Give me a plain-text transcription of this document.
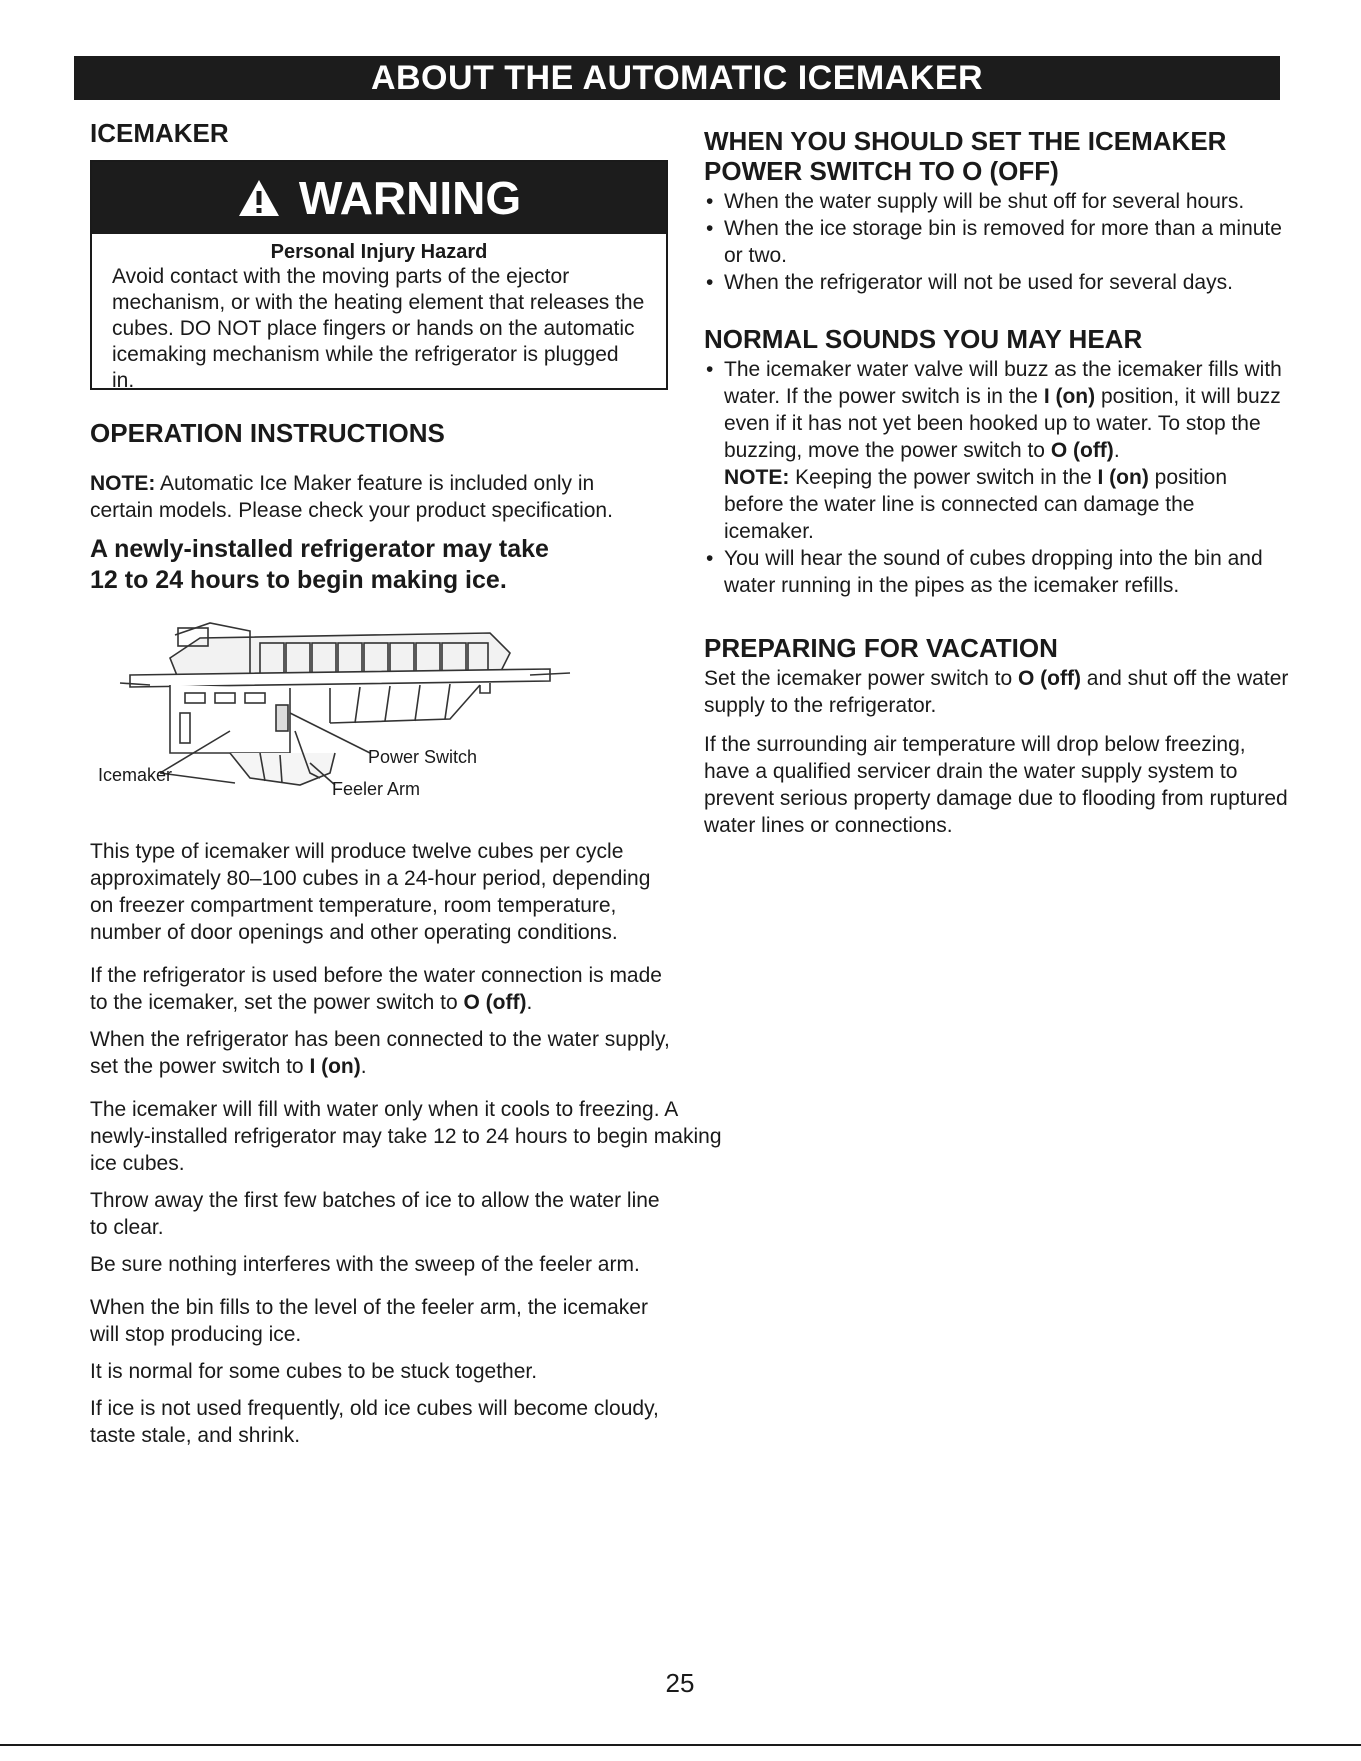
ABOUT THE AUTOMATIC ICEMAKER
ICEMAKER
WARNING
Personal Injury Hazard
Avoid contact with the moving parts of the ejector mechanism, or with the heating element that releases the cubes. DO NOT place fingers or hands on the automatic icemaking mechanism while the refrigerator is plugged in.
OPERATION INSTRUCTIONS

NOTE: Automatic Ice Maker feature is included only in certain models. Please check your product specification.

A newly-installed refrigerator may take
12 to 24 hours to begin making ice.
Icemaker
Power Switch
Feeler Arm

This type of icemaker will produce twelve cubes per cycle approximately 80–100 cubes in a 24-hour period, depending on freezer compartment temperature, room temperature, number of door openings and other operating conditions.

If the refrigerator is used before the water connection is made to the icemaker, set the power switch to O (off).

When the refrigerator has been connected to the water supply, set the power switch to I (on).

The icemaker will fill with water only when it cools to freezing. A newly-installed refrigerator may take 12 to 24 hours to begin making ice cubes.

Throw away the first few batches of ice to allow the water line to clear.

Be sure nothing interferes with the sweep of the feeler arm.

When the bin fills to the level of the feeler arm, the icemaker will stop producing ice.

It is normal for some cubes to be stuck together.

If ice is not used frequently, old ice cubes will become cloudy, taste stale, and shrink.

WHEN YOU SHOULD SET THE ICEMAKER
POWER SWITCH TO O (OFF)
• When the water supply will be shut off for several hours.
• When the ice storage bin is removed for more than a minute or two.
• When the refrigerator will not be used for several days.
NORMAL SOUNDS YOU MAY HEAR
• The icemaker water valve will buzz as the icemaker fills with water. If the power switch is in the I (on) position, it will buzz even if it has not yet been hooked up to water. To stop the buzzing, move the power switch to O (off).
NOTE: Keeping the power switch in the I (on) position before the water line is connected can damage the icemaker.
• You will hear the sound of cubes dropping into the bin and water running in the pipes as the icemaker refills.
PREPARING FOR VACATION

Set the icemaker power switch to O (off) and shut off the water supply to the refrigerator.

If the surrounding air temperature will drop below freezing, have a qualified servicer drain the water supply system to prevent serious property damage due to flooding from ruptured water lines or connections.

25
